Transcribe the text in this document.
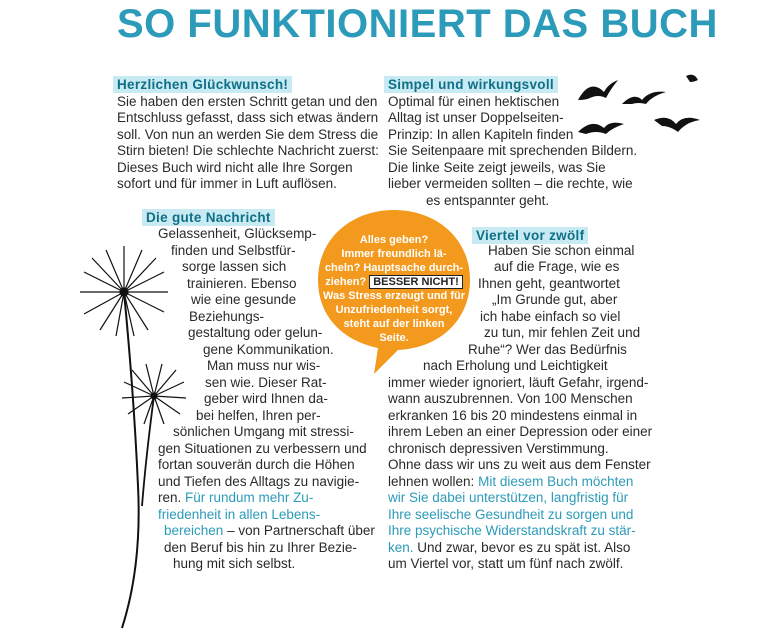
SO FUNKTIONIERT DAS BUCH
Herzlichen Glückwunsch!
Sie haben den ersten Schritt getan und den
Entschluss gefasst, dass sich etwas ändern
soll. Von nun an werden Sie dem Stress die
Stirn bieten! Die schlechte Nachricht zuerst:
Dieses Buch wird nicht alle Ihre Sorgen
sofort und für immer in Luft auflösen.
Simpel und wirkungsvoll
Optimal für einen hektischen
Alltag ist unser Doppelseiten-
Prinzip: In allen Kapiteln finden
Sie Seitenpaare mit sprechenden Bildern.
Die linke Seite zeigt jeweils, was Sie
lieber vermeiden sollten – die rechte, wie
es entspannter geht.
Die gute Nachricht
Gelassenheit, Glücksemp-
finden und Selbstfür-
sorge lassen sich
trainieren. Ebenso
wie eine gesunde
Beziehungs-
gestaltung oder gelun-
gene Kommunikation.
Man muss nur wis-
sen wie. Dieser Rat-
geber wird Ihnen da-
bei helfen, Ihren per-
sönlichen Umgang mit stressi-
gen Situationen zu verbessern und
fortan souverän durch die Höhen
und Tiefen des Alltags zu navigie-
ren. Für rundum mehr Zu-
friedenheit in allen Lebens-
bereichen – von Partnerschaft über
den Beruf bis hin zu Ihrer Bezie-
hung mit sich selbst.
Alles geben?
Immer freundlich lä-
cheln? Hauptsache durch-
ziehen? BESSER NICHT!
Was Stress erzeugt und für
Unzufriedenheit sorgt,
steht auf der linken
Seite.
Viertel vor zwölf
Haben Sie schon einmal
auf die Frage, wie es
Ihnen geht, geantwortet
„Im Grunde gut, aber
ich habe einfach so viel
zu tun, mir fehlen Zeit und
Ruhe“? Wer das Bedürfnis
nach Erholung und Leichtigkeit
immer wieder ignoriert, läuft Gefahr, irgend-
wann auszubrennen. Von 100 Menschen
erkranken 16 bis 20 mindestens einmal in
ihrem Leben an einer Depression oder einer
chronisch depressiven Verstimmung.
Ohne dass wir uns zu weit aus dem Fenster
lehnen wollen: Mit diesem Buch möchten
wir Sie dabei unterstützen, langfristig für
Ihre seelische Gesundheit zu sorgen und
Ihre psychische Widerstandskraft zu stär-
ken. Und zwar, bevor es zu spät ist. Also
um Viertel vor, statt um fünf nach zwölf.
